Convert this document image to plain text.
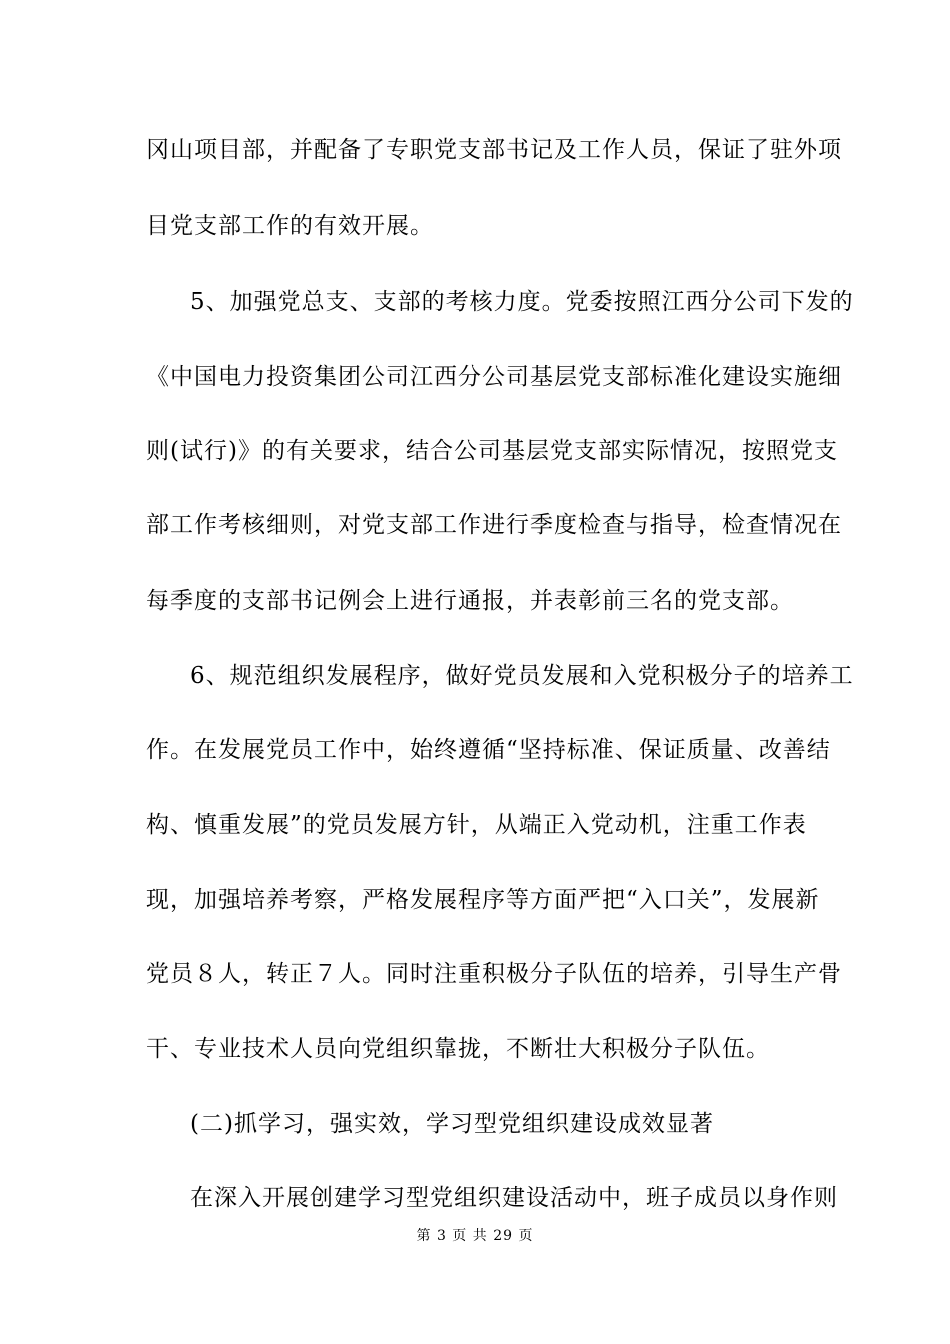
冈山项目部，并配备了专职党支部书记及工作人员，保证了驻外项
目党支部工作的有效开展。
5、加强党总支、支部的考核力度。党委按照江西分公司下发的
《中国电力投资集团公司江西分公司基层党支部标准化建设实施细
则(试行)》的有关要求，结合公司基层党支部实际情况，按照党支
部工作考核细则，对党支部工作进行季度检查与指导，检查情况在
每季度的支部书记例会上进行通报，并表彰前三名的党支部。
6、规范组织发展程序，做好党员发展和入党积极分子的培养工
作。在发展党员工作中，始终遵循“坚持标准、保证质量、改善结
构、慎重发展”的党员发展方针，从端正入党动机，注重工作表
现，加强培养考察，严格发展程序等方面严把“入口关”，发展新
党员８人，转正７人。同时注重积极分子队伍的培养，引导生产骨
干、专业技术人员向党组织靠拢，不断壮大积极分子队伍。
(二)抓学习，强实效，学习型党组织建设成效显著
在深入开展创建学习型党组织建设活动中，班子成员以身作则
第 3 页 共 29 页
